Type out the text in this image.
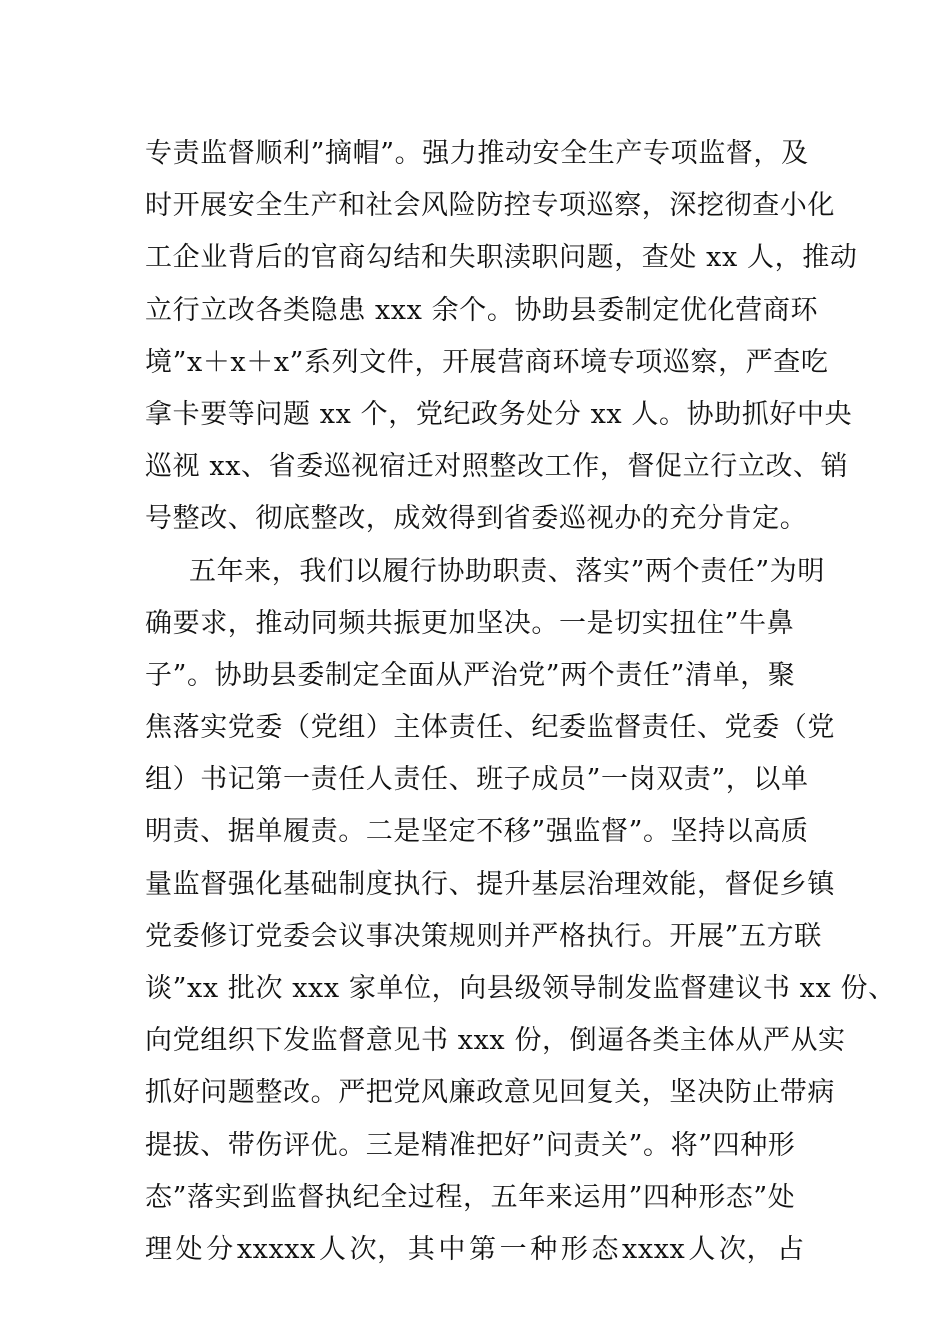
专责监督顺利”摘帽”。强力推动安全生产专项监督，及
时开展安全生产和社会风险防控专项巡察，深挖彻查小化
工企业背后的官商勾结和失职渎职问题，查处 xx 人，推动
立行立改各类隐患 xxx 余个。协助县委制定优化营商环
境”x＋x＋x”系列文件，开展营商环境专项巡察，严查吃
拿卡要等问题 xx 个，党纪政务处分 xx 人。协助抓好中央
巡视 xx、省委巡视宿迁对照整改工作，督促立行立改、销
号整改、彻底整改，成效得到省委巡视办的充分肯定。
五年来，我们以履行协助职责、落实”两个责任”为明
确要求，推动同频共振更加坚决。一是切实扭住”牛鼻
子”。协助县委制定全面从严治党”两个责任”清单，聚
焦落实党委（党组）主体责任、纪委监督责任、党委（党
组）书记第一责任人责任、班子成员”一岗双责”，以单
明责、据单履责。二是坚定不移”强监督”。坚持以高质
量监督强化基础制度执行、提升基层治理效能，督促乡镇
党委修订党委会议事决策规则并严格执行。开展”五方联
谈”xx 批次 xxx 家单位，向县级领导制发监督建议书 xx 份、
向党组织下发监督意见书 xxx 份，倒逼各类主体从严从实
抓好问题整改。严把党风廉政意见回复关，坚决防止带病
提拔、带伤评优。三是精准把好”问责关”。将”四种形
态”落实到监督执纪全过程，五年来运用”四种形态”处
理 处 分 xxxxx 人 次， 其 中 第 一 种 形 态 xxxx 人 次， 占
